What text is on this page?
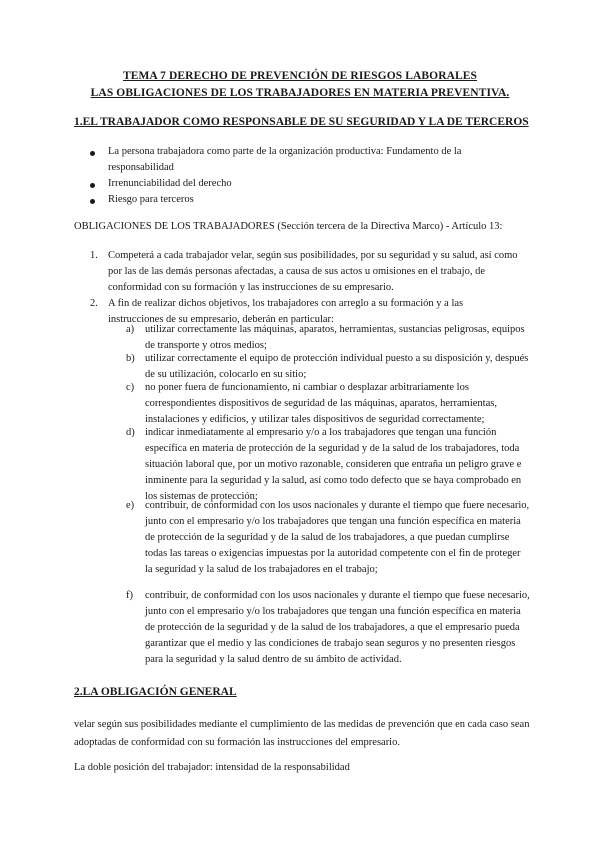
TEMA 7 DERECHO DE PREVENCIÓN DE RIESGOS LABORALES
LAS OBLIGACIONES DE LOS TRABAJADORES EN MATERIA PREVENTIVA.
1.EL TRABAJADOR COMO RESPONSABLE DE SU SEGURIDAD Y LA DE TERCEROS
La persona trabajadora como parte de la organización productiva: Fundamento de la responsabilidad
Irrenunciabilidad del derecho
Riesgo para terceros
OBLIGACIONES DE LOS TRABAJADORES (Sección tercera de la Directiva Marco) - Artículo 13:
1. Competerá a cada trabajador velar, según sus posibilidades, por su seguridad y su salud, así como por las de las demás personas afectadas, a causa de sus actos u omisiones en el trabajo, de conformidad con su formación y las instrucciones de su empresario.
2. A fin de realizar dichos objetivos, los trabajadores con arreglo a su formación y a las instrucciones de su empresario, deberán en particular:
a) utilizar correctamente las máquinas, aparatos, herramientas, sustancias peligrosas, equipos de transporte y otros medios;
b) utilizar correctamente el equipo de protección individual puesto a su disposición y, después de su utilización, colocarlo en su sitio;
c) no poner fuera de funcionamiento, ni cambiar o desplazar arbitrariamente los correspondientes dispositivos de seguridad de las máquinas, aparatos, herramientas, instalaciones y edificios, y utilizar tales dispositivos de seguridad correctamente;
d) indicar inmediatamente al empresario y/o a los trabajadores que tengan una función específica en materia de protección de la seguridad y de la salud de los trabajadores, toda situación laboral que, por un motivo razonable, consideren que entraña un peligro grave e inminente para la seguridad y la salud, así como todo defecto que se haya comprobado en los sistemas de protección;
e) contribuir, de conformidad con los usos nacionales y durante el tiempo que fuere necesario, junto con el empresario y/o los trabajadores que tengan una función específica en materia de protección de la seguridad y de la salud de los trabajadores, a que puedan cumplirse todas las tareas o exigencias impuestas por la autoridad competente con el fin de proteger la seguridad y la salud de los trabajadores en el trabajo;
f) contribuir, de conformidad con los usos nacionales y durante el tiempo que fuese necesario, junto con el empresario y/o los trabajadores que tengan una función específica en materia de protección de la seguridad y de la salud de los trabajadores, a que el empresario pueda garantizar que el medio y las condiciones de trabajo sean seguros y no presenten riesgos para la seguridad y la salud dentro de su ámbito de actividad.
2.LA OBLIGACIÓN GENERAL
velar según sus posibilidades mediante el cumplimiento de las medidas de prevención que en cada caso sean adoptadas de conformidad con su formación las instrucciones del empresario.
La doble posición del trabajador: intensidad de la responsabilidad
